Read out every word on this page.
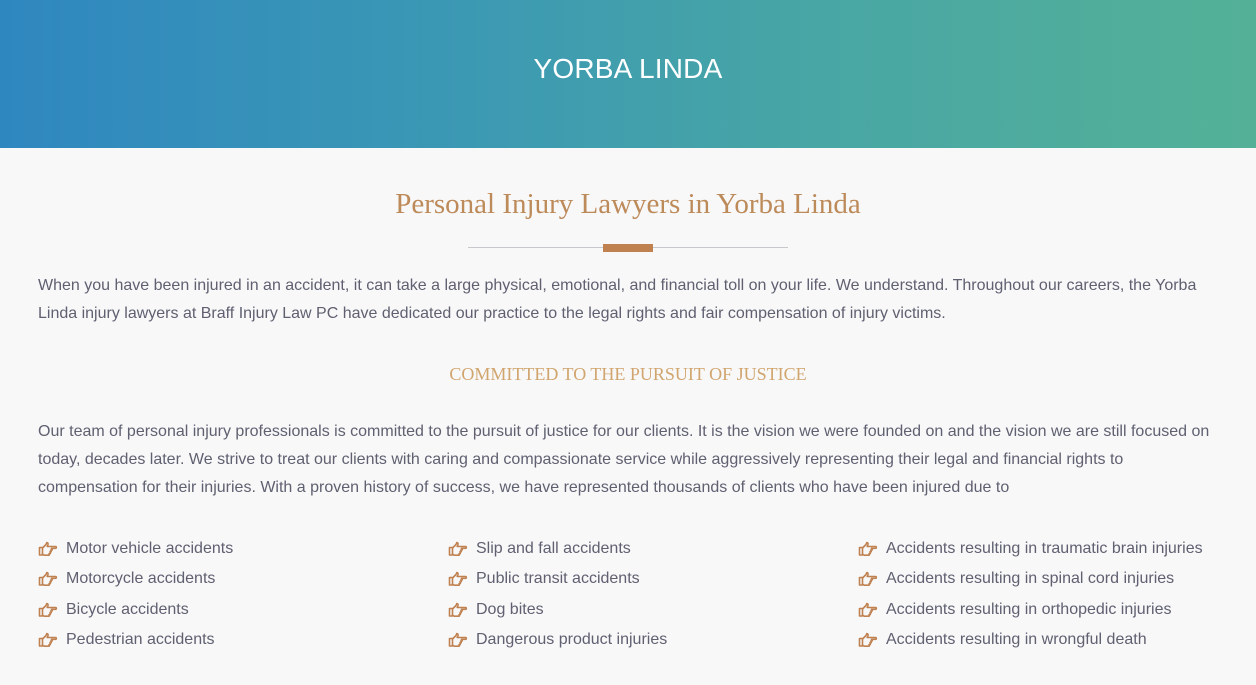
YORBA LINDA
Personal Injury Lawyers in Yorba Linda

When you have been injured in an accident, it can take a large physical, emotional, and financial toll on your life. We understand. Throughout our careers, the Yorba Linda injury lawyers at Braff Injury Law PC have dedicated our practice to the legal rights and fair compensation of injury victims.

COMMITTED TO THE PURSUIT OF JUSTICE

Our team of personal injury professionals is committed to the pursuit of justice for our clients. It is the vision we were founded on and the vision we are still focused on today, decades later. We strive to treat our clients with caring and compassionate service while aggressively representing their legal and financial rights to compensation for their injuries. With a proven history of success, we have represented thousands of clients who have been injured due to

Motor vehicle accidents
Motorcycle accidents
Bicycle accidents
Pedestrian accidents
Slip and fall accidents
Public transit accidents
Dog bites
Dangerous product injuries
Accidents resulting in traumatic brain injuries
Accidents resulting in spinal cord injuries
Accidents resulting in orthopedic injuries
Accidents resulting in wrongful death
